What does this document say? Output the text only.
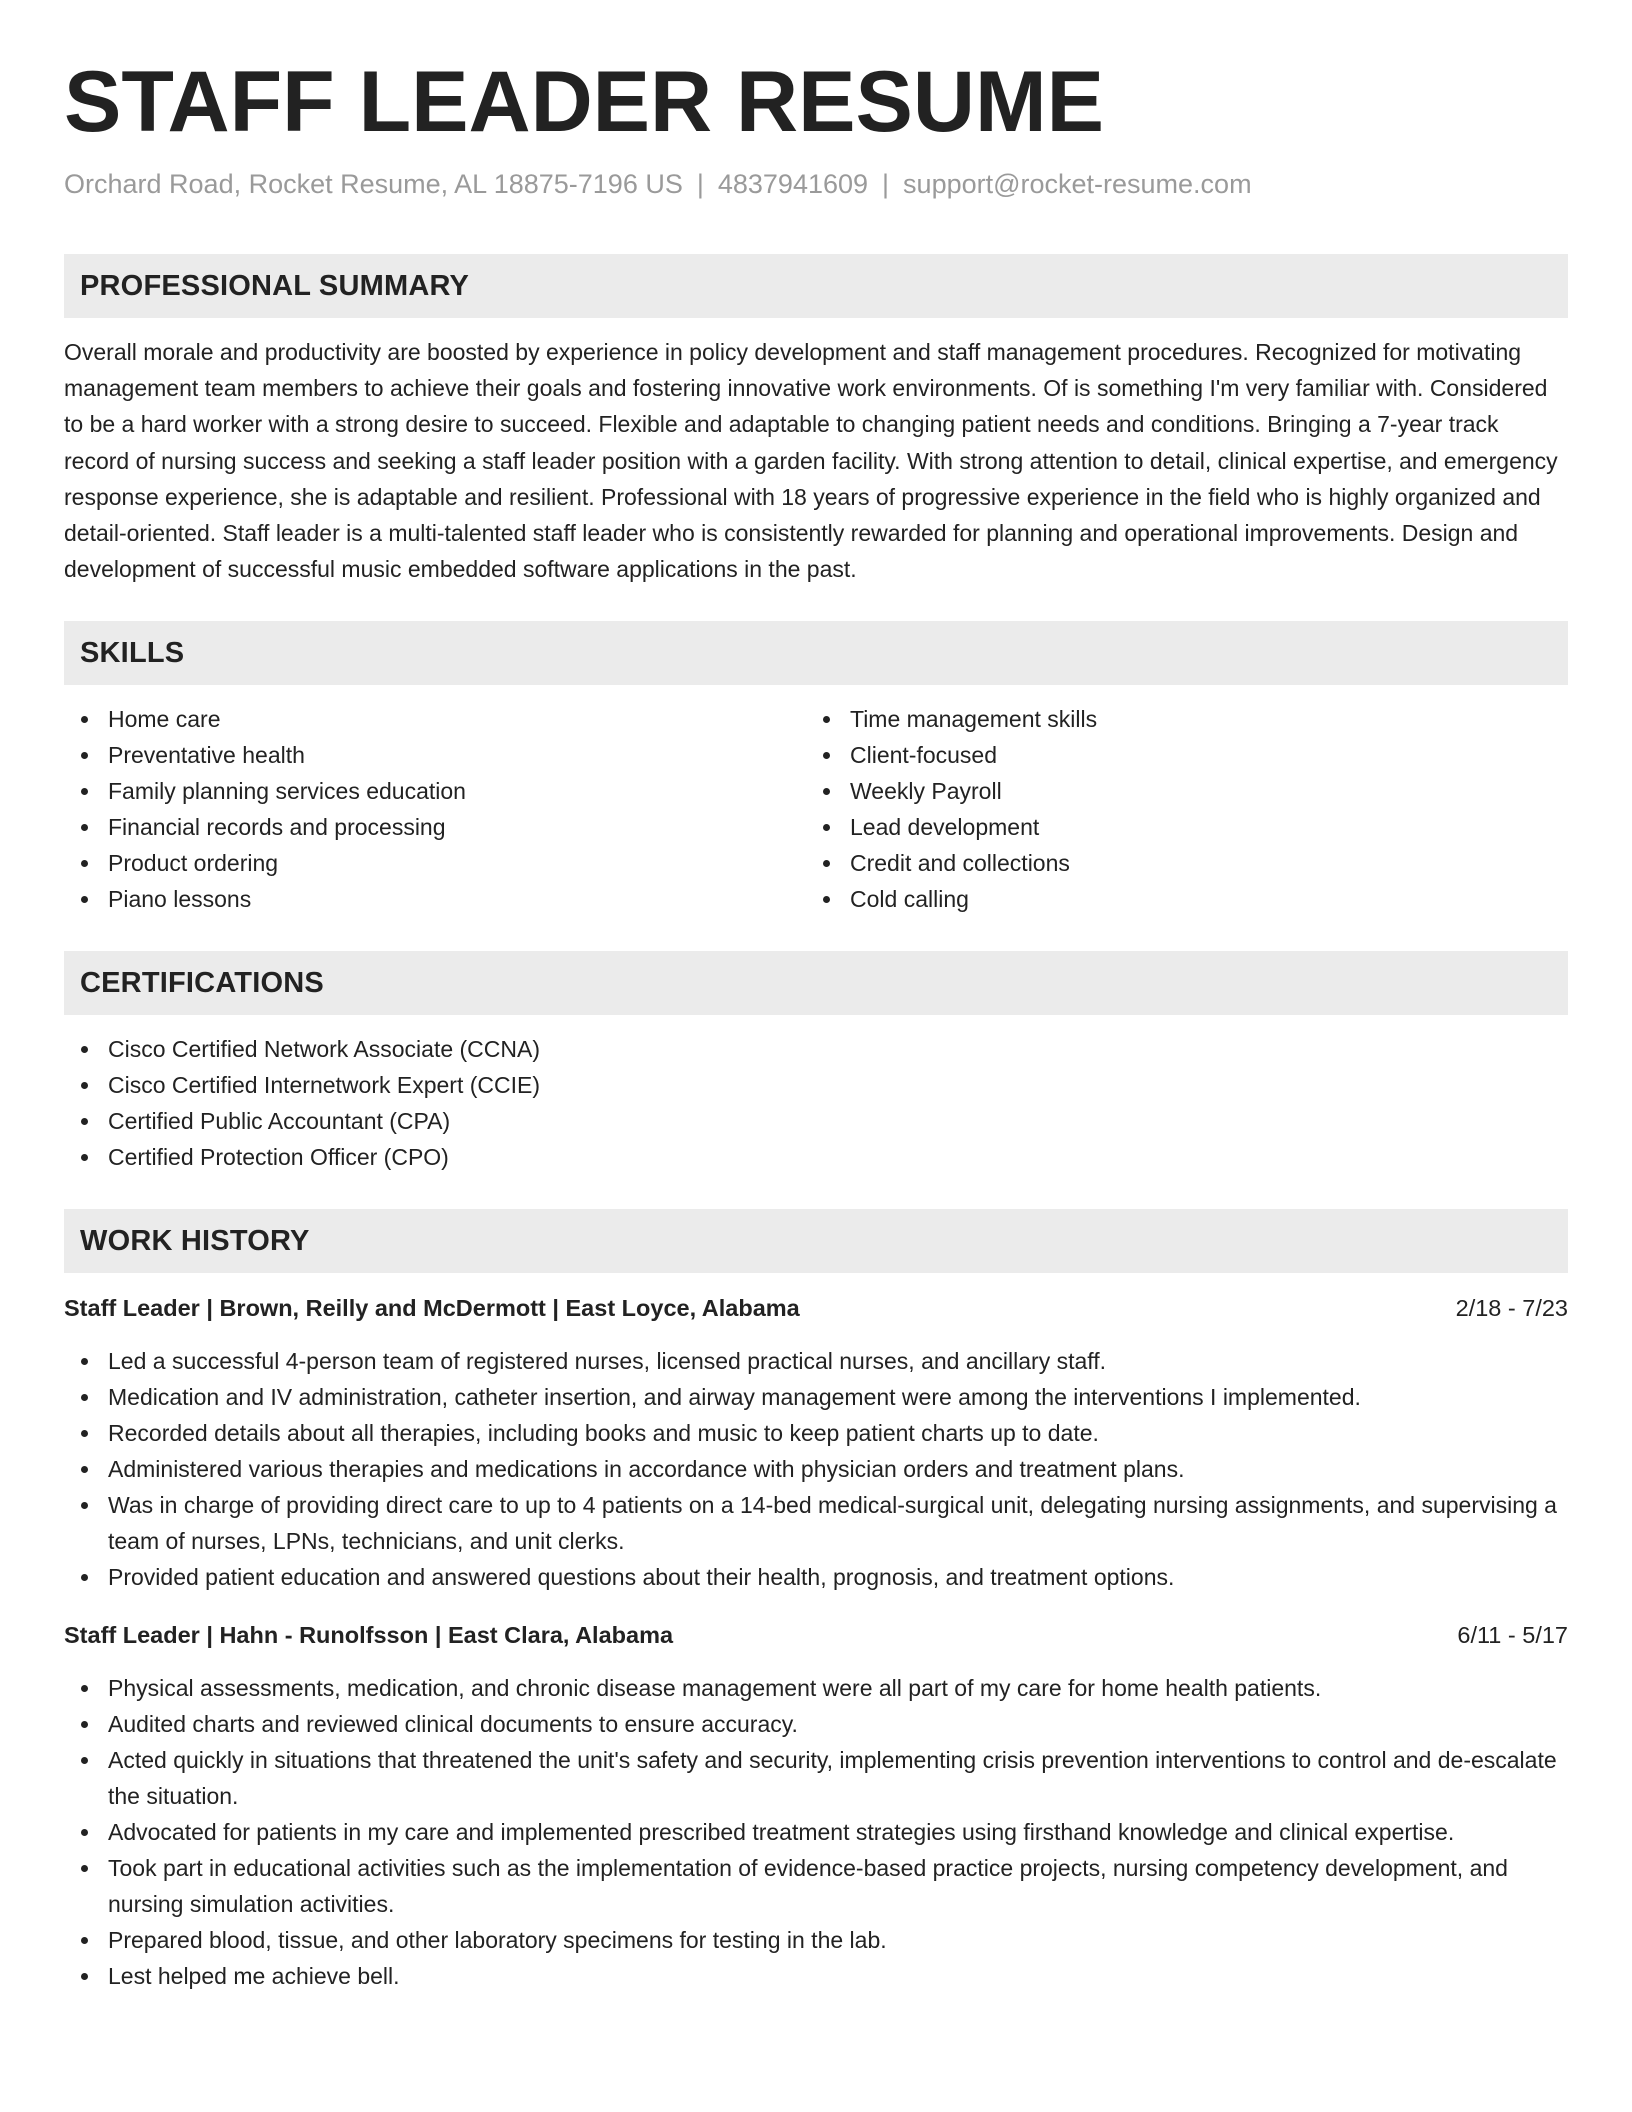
STAFF LEADER RESUME
Orchard Road, Rocket Resume, AL 18875-7196 US | 4837941609 | support@rocket-resume.com
PROFESSIONAL SUMMARY

Overall morale and productivity are boosted by experience in policy development and staff management procedures. Recognized for motivating management team members to achieve their goals and fostering innovative work environments. Of is something I'm very familiar with. Considered to be a hard worker with a strong desire to succeed. Flexible and adaptable to changing patient needs and conditions. Bringing a 7-year track record of nursing success and seeking a staff leader position with a garden facility. With strong attention to detail, clinical expertise, and emergency response experience, she is adaptable and resilient. Professional with 18 years of progressive experience in the field who is highly organized and detail-oriented. Staff leader is a multi-talented staff leader who is consistently rewarded for planning and operational improvements. Design and development of successful music embedded software applications in the past.

SKILLS
Home care
Preventative health
Family planning services education
Financial records and processing
Product ordering
Piano lessons
Time management skills
Client-focused
Weekly Payroll
Lead development
Credit and collections
Cold calling
CERTIFICATIONS
Cisco Certified Network Associate (CCNA)
Cisco Certified Internetwork Expert (CCIE)
Certified Public Accountant (CPA)
Certified Protection Officer (CPO)
WORK HISTORY
Staff Leader | Brown, Reilly and McDermott | East Loyce, Alabama	2/18 - 7/23
Led a successful 4-person team of registered nurses, licensed practical nurses, and ancillary staff.
Medication and IV administration, catheter insertion, and airway management were among the interventions I implemented.
Recorded details about all therapies, including books and music to keep patient charts up to date.
Administered various therapies and medications in accordance with physician orders and treatment plans.
Was in charge of providing direct care to up to 4 patients on a 14-bed medical-surgical unit, delegating nursing assignments, and supervising a team of nurses, LPNs, technicians, and unit clerks.
Provided patient education and answered questions about their health, prognosis, and treatment options.
Staff Leader | Hahn - Runolfsson | East Clara, Alabama	6/11 - 5/17
Physical assessments, medication, and chronic disease management were all part of my care for home health patients.
Audited charts and reviewed clinical documents to ensure accuracy.
Acted quickly in situations that threatened the unit's safety and security, implementing crisis prevention interventions to control and de-escalate the situation.
Advocated for patients in my care and implemented prescribed treatment strategies using firsthand knowledge and clinical expertise.
Took part in educational activities such as the implementation of evidence-based practice projects, nursing competency development, and nursing simulation activities.
Prepared blood, tissue, and other laboratory specimens for testing in the lab.
Lest helped me achieve bell.
